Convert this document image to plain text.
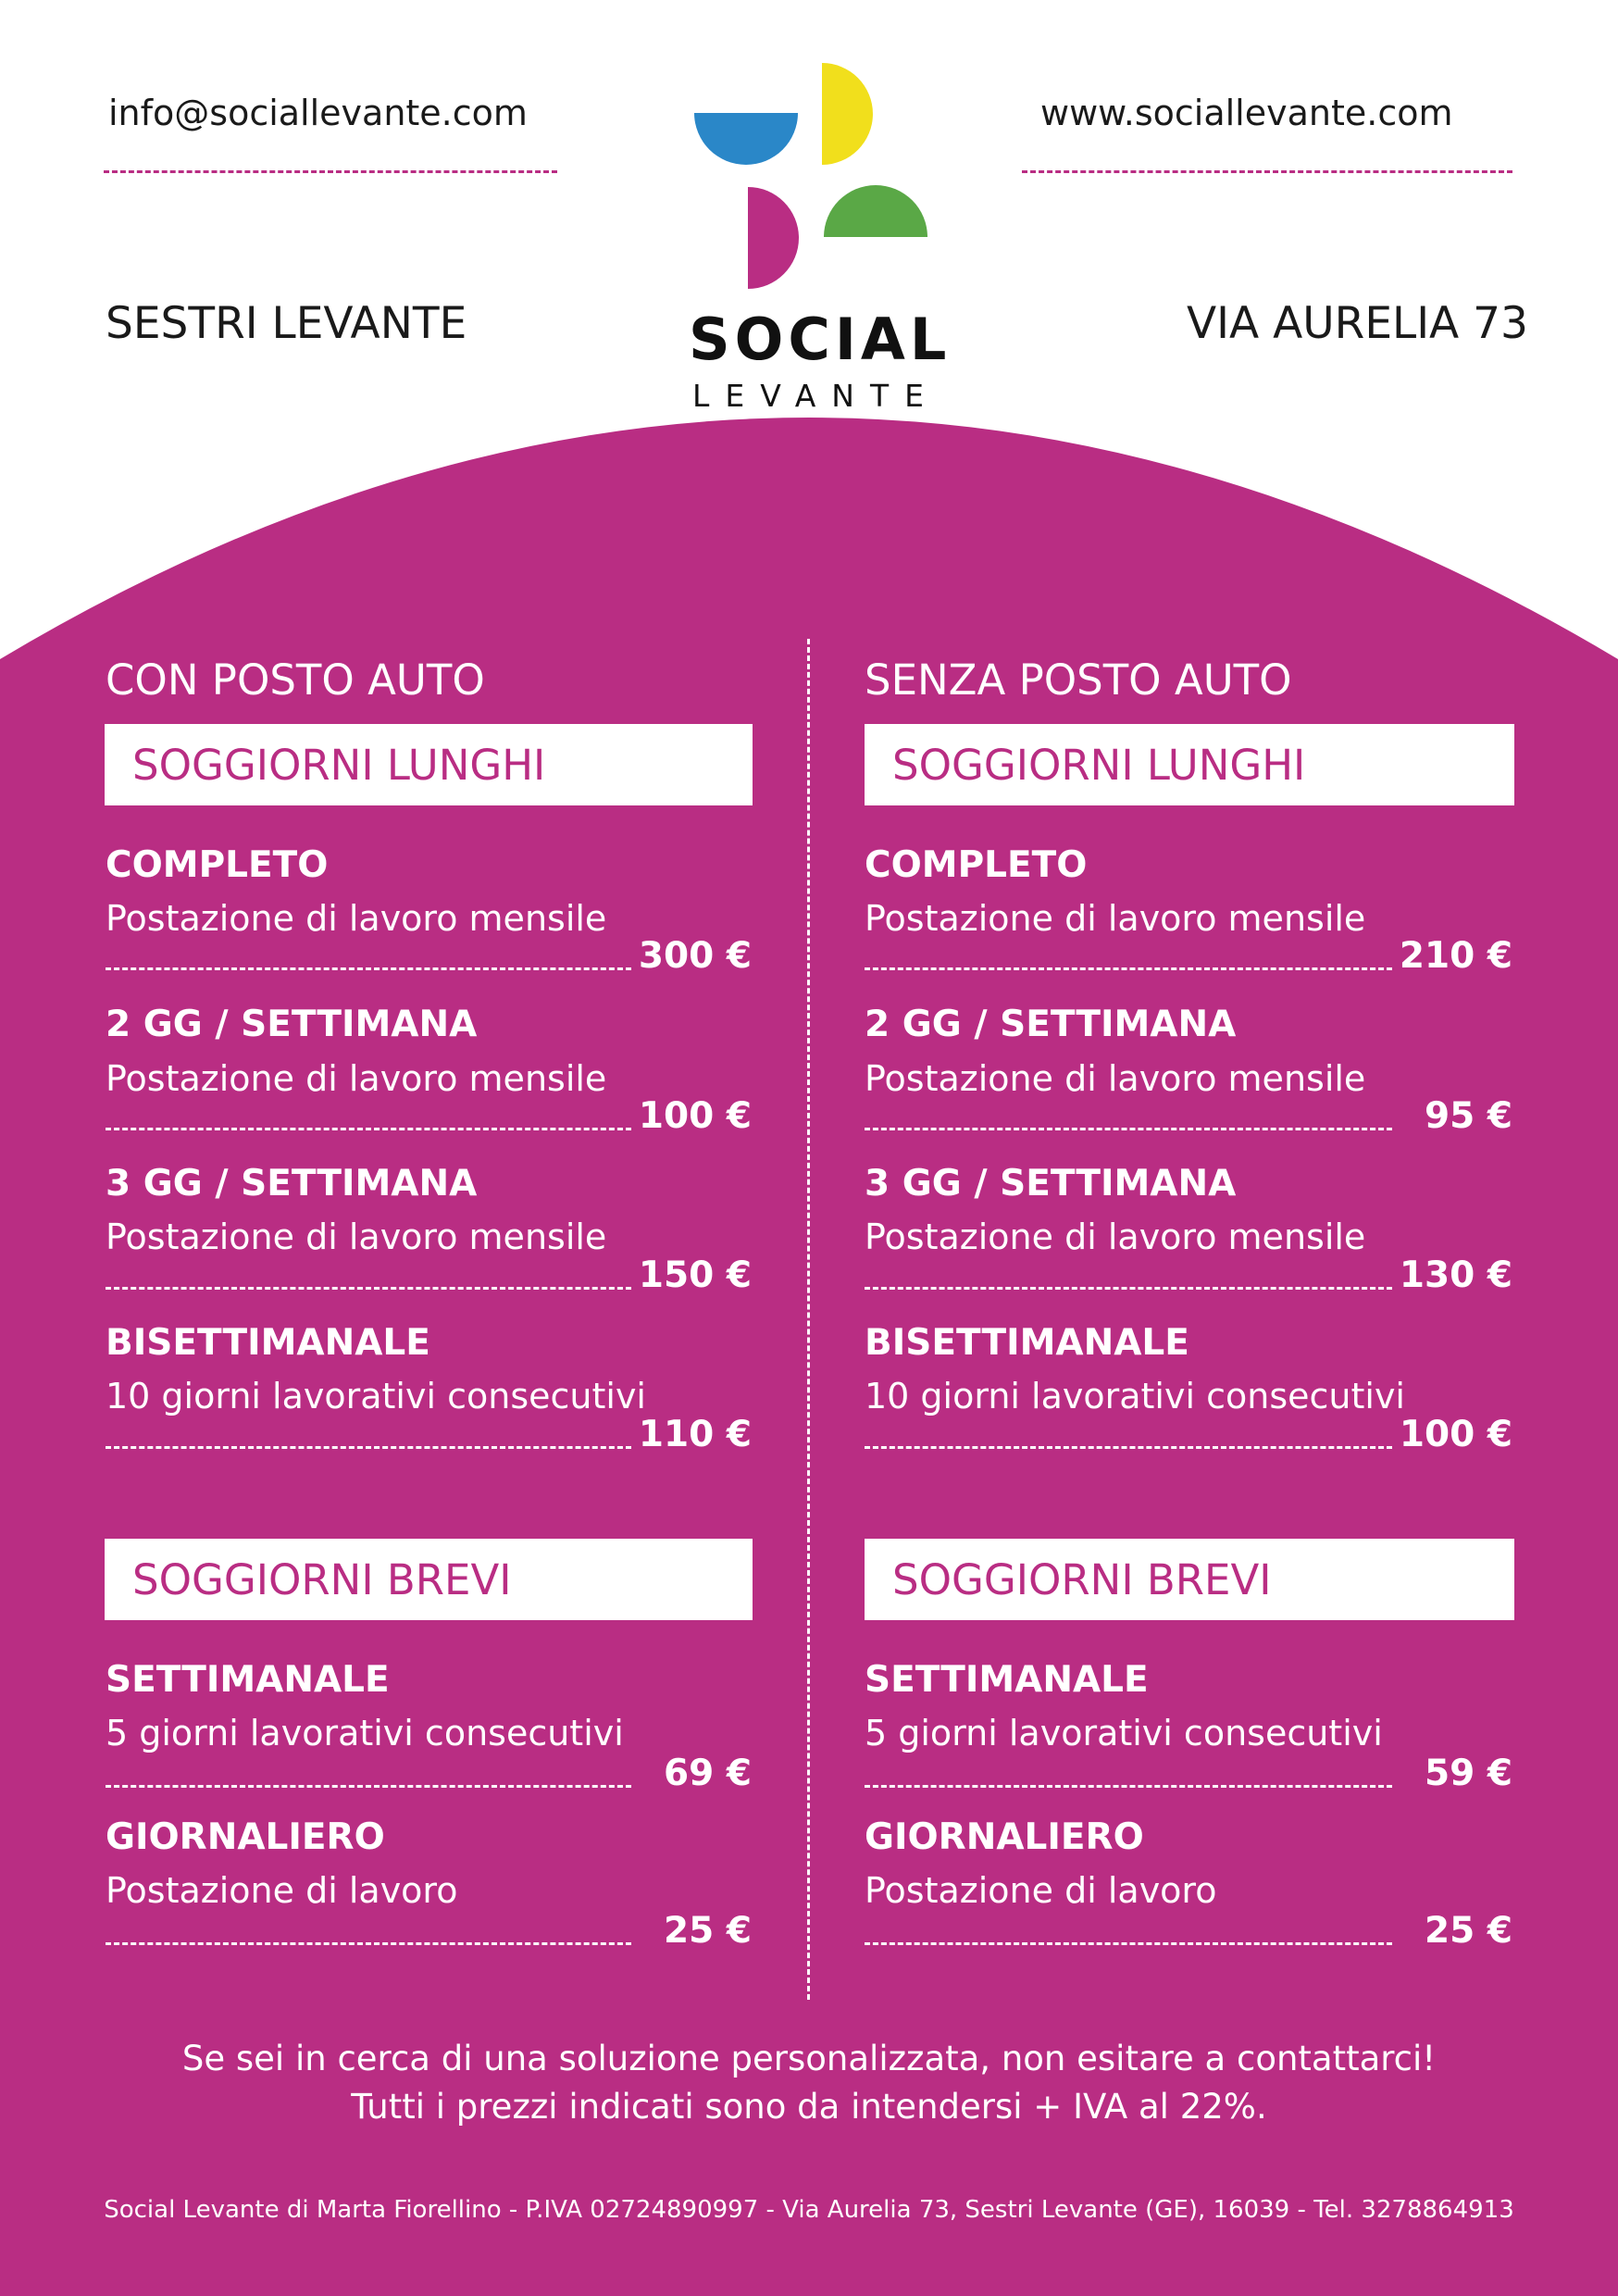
info@sociallevante.com	www.sociallevante.com
SESTRI LEVANTE	VIA AURELIA 73
SOCIAL
LEVANTE
CON POSTO AUTO
SOGGIORNI LUNGHI
COMPLETO
Postazione di lavoro mensile
300 €
2 GG / SETTIMANA
Postazione di lavoro mensile
100 €
3 GG / SETTIMANA
Postazione di lavoro mensile
150 €
BISETTIMANALE
10 giorni lavorativi consecutivi
110 €
SOGGIORNI BREVI
SETTIMANALE
5 giorni lavorativi consecutivi
69 €
GIORNALIERO
Postazione di lavoro
25 €
SENZA POSTO AUTO
SOGGIORNI LUNGHI
COMPLETO
Postazione di lavoro mensile
210 €
2 GG / SETTIMANA
Postazione di lavoro mensile
95 €
3 GG / SETTIMANA
Postazione di lavoro mensile
130 €
BISETTIMANALE
10 giorni lavorativi consecutivi
100 €
SOGGIORNI BREVI
SETTIMANALE
5 giorni lavorativi consecutivi
59 €
GIORNALIERO
Postazione di lavoro
25 €
Se sei in cerca di una soluzione personalizzata, non esitare a contattarci!
Tutti i prezzi indicati sono da intendersi + IVA al 22%.
Social Levante di Marta Fiorellino - P.IVA 02724890997 - Via Aurelia 73, Sestri Levante (GE), 16039 - Tel. 3278864913
